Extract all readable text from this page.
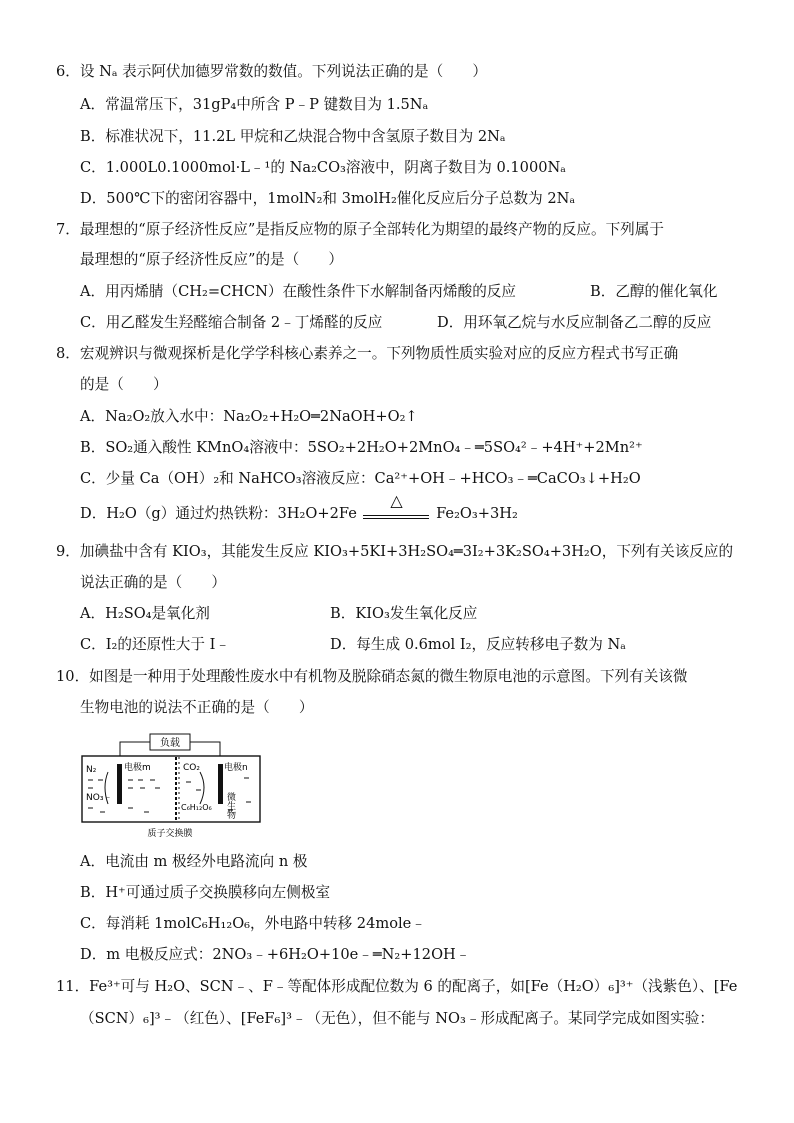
6．设 Nₐ 表示阿伏加德罗常数的数值。下列说法正确的是（　　）
A．常温常压下，31gP₄中所含 P﹣P 键数目为 1.5Nₐ
B．标准状况下，11.2L 甲烷和乙炔混合物中含氢原子数目为 2Nₐ
C．1.000L0.1000mol·L﹣¹的 Na₂CO₃溶液中，阴离子数目为 0.1000Nₐ
D．500℃下的密闭容器中，1molN₂和 3molH₂催化反应后分子总数为 2Nₐ
7．最理想的“原子经济性反应”是指反应物的原子全部转化为期望的最终产物的反应。下列属于
最理想的“原子经济性反应”的是（　　）
A．用丙烯腈（CH₂=CHCN）在酸性条件下水解制备丙烯酸的反应	B．乙醇的催化氧化
C．用乙醛发生羟醛缩合制备 2﹣丁烯醛的反应	D．用环氧乙烷与水反应制备乙二醇的反应
8．宏观辨识与微观探析是化学学科核心素养之一。下列物质性质实验对应的反应方程式书写正确
的是（　　）
A．Na₂O₂放入水中：Na₂O₂+H₂O═2NaOH+O₂↑
B．SO₂通入酸性 KMnO₄溶液中：5SO₂+2H₂O+2MnO₄﹣═5SO₄²﹣+4H⁺+2Mn²⁺
C．少量 Ca（OH）₂和 NaHCO₃溶液反应：Ca²⁺+OH﹣+HCO₃﹣═CaCO₃↓+H₂O
D．H₂O（g）通过灼热铁粉：3H₂O+2Fe
△
Fe₂O₃+3H₂
9．加碘盐中含有 KIO₃，其能发生反应 KIO₃+5KI+3H₂SO₄═3I₂+3K₂SO₄+3H₂O，下列有关该反应的
说法正确的是（　　）
A．H₂SO₄是氧化剂	B．KIO₃发生氧化反应
C．I₂的还原性大于 I﹣	D．每生成 0.6mol I₂，反应转移电子数为 Nₐ
10．如图是一种用于处理酸性废水中有机物及脱除硝态氮的微生物原电池的示意图。下列有关该微
生物电池的说法不正确的是（　　）
负载
N₂
NO₃﹣
电极m	CO₂	电极n
C₆H₁₂O₆ 微生物
质子交换膜
A．电流由 m 极经外电路流向 n 极
B．H⁺可通过质子交换膜移向左侧极室
C．每消耗 1molC₆H₁₂O₆，外电路中转移 24mole﹣
D．m 电极反应式：2NO₃﹣+6H₂O+10e﹣═N₂+12OH﹣
11．Fe³⁺可与 H₂O、SCN﹣、F﹣等配体形成配位数为 6 的配离子，如[Fe（H₂O）₆]³⁺（浅紫色）、[Fe
（SCN）₆]³﹣（红色）、[FeF₆]³﹣（无色），但不能与 NO₃﹣形成配离子。某同学完成如图实验：
